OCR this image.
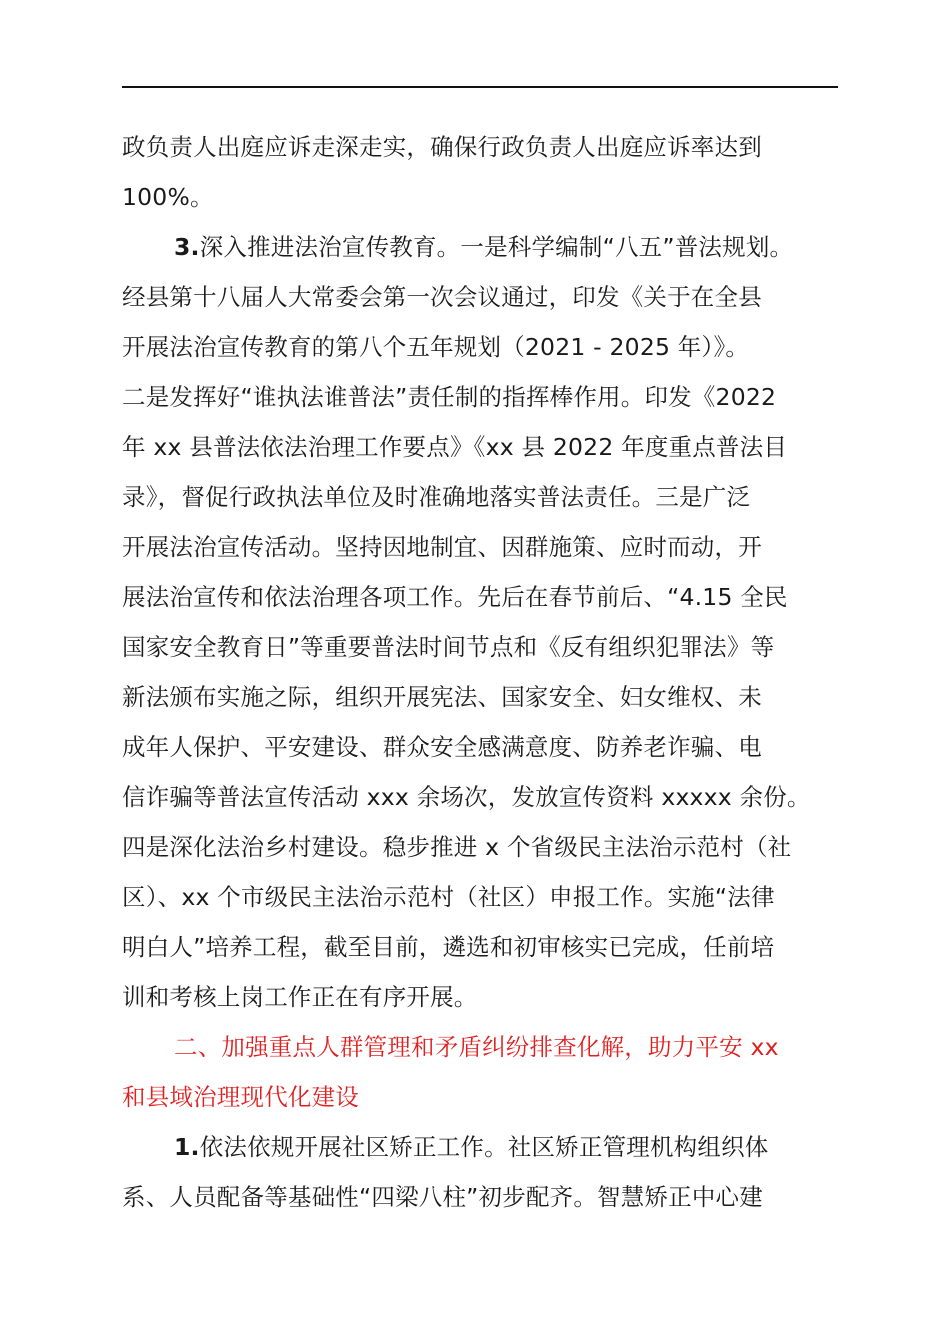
政负责人出庭应诉走深走实，确保行政负责人出庭应诉率达到
100%。
3.深入推进法治宣传教育。一是科学编制“八五”普法规划。
经县第十八届人大常委会第一次会议通过，印发《关于在全县
开展法治宣传教育的第八个五年规划（2021 - 2025 年）》。
二是发挥好“谁执法谁普法”责任制的指挥棒作用。印发《2022
年 xx 县普法依法治理工作要点》《xx 县 2022 年度重点普法目
录》，督促行政执法单位及时准确地落实普法责任。三是广泛
开展法治宣传活动。坚持因地制宜、因群施策、应时而动，开
展法治宣传和依法治理各项工作。先后在春节前后、“4.15 全民
国家安全教育日”等重要普法时间节点和《反有组织犯罪法》等
新法颁布实施之际，组织开展宪法、国家安全、妇女维权、未
成年人保护、平安建设、群众安全感满意度、防养老诈骗、电
信诈骗等普法宣传活动 xxx 余场次，发放宣传资料 xxxxx 余份。
四是深化法治乡村建设。稳步推进 x 个省级民主法治示范村（社
区）、xx 个市级民主法治示范村（社区）申报工作。实施“法律
明白人”培养工程，截至目前，遴选和初审核实已完成，任前培
训和考核上岗工作正在有序开展。
二、加强重点人群管理和矛盾纠纷排查化解，助力平安 xx
和县域治理现代化建设
1.依法依规开展社区矫正工作。社区矫正管理机构组织体
系、人员配备等基础性“四梁八柱”初步配齐。智慧矫正中心建
